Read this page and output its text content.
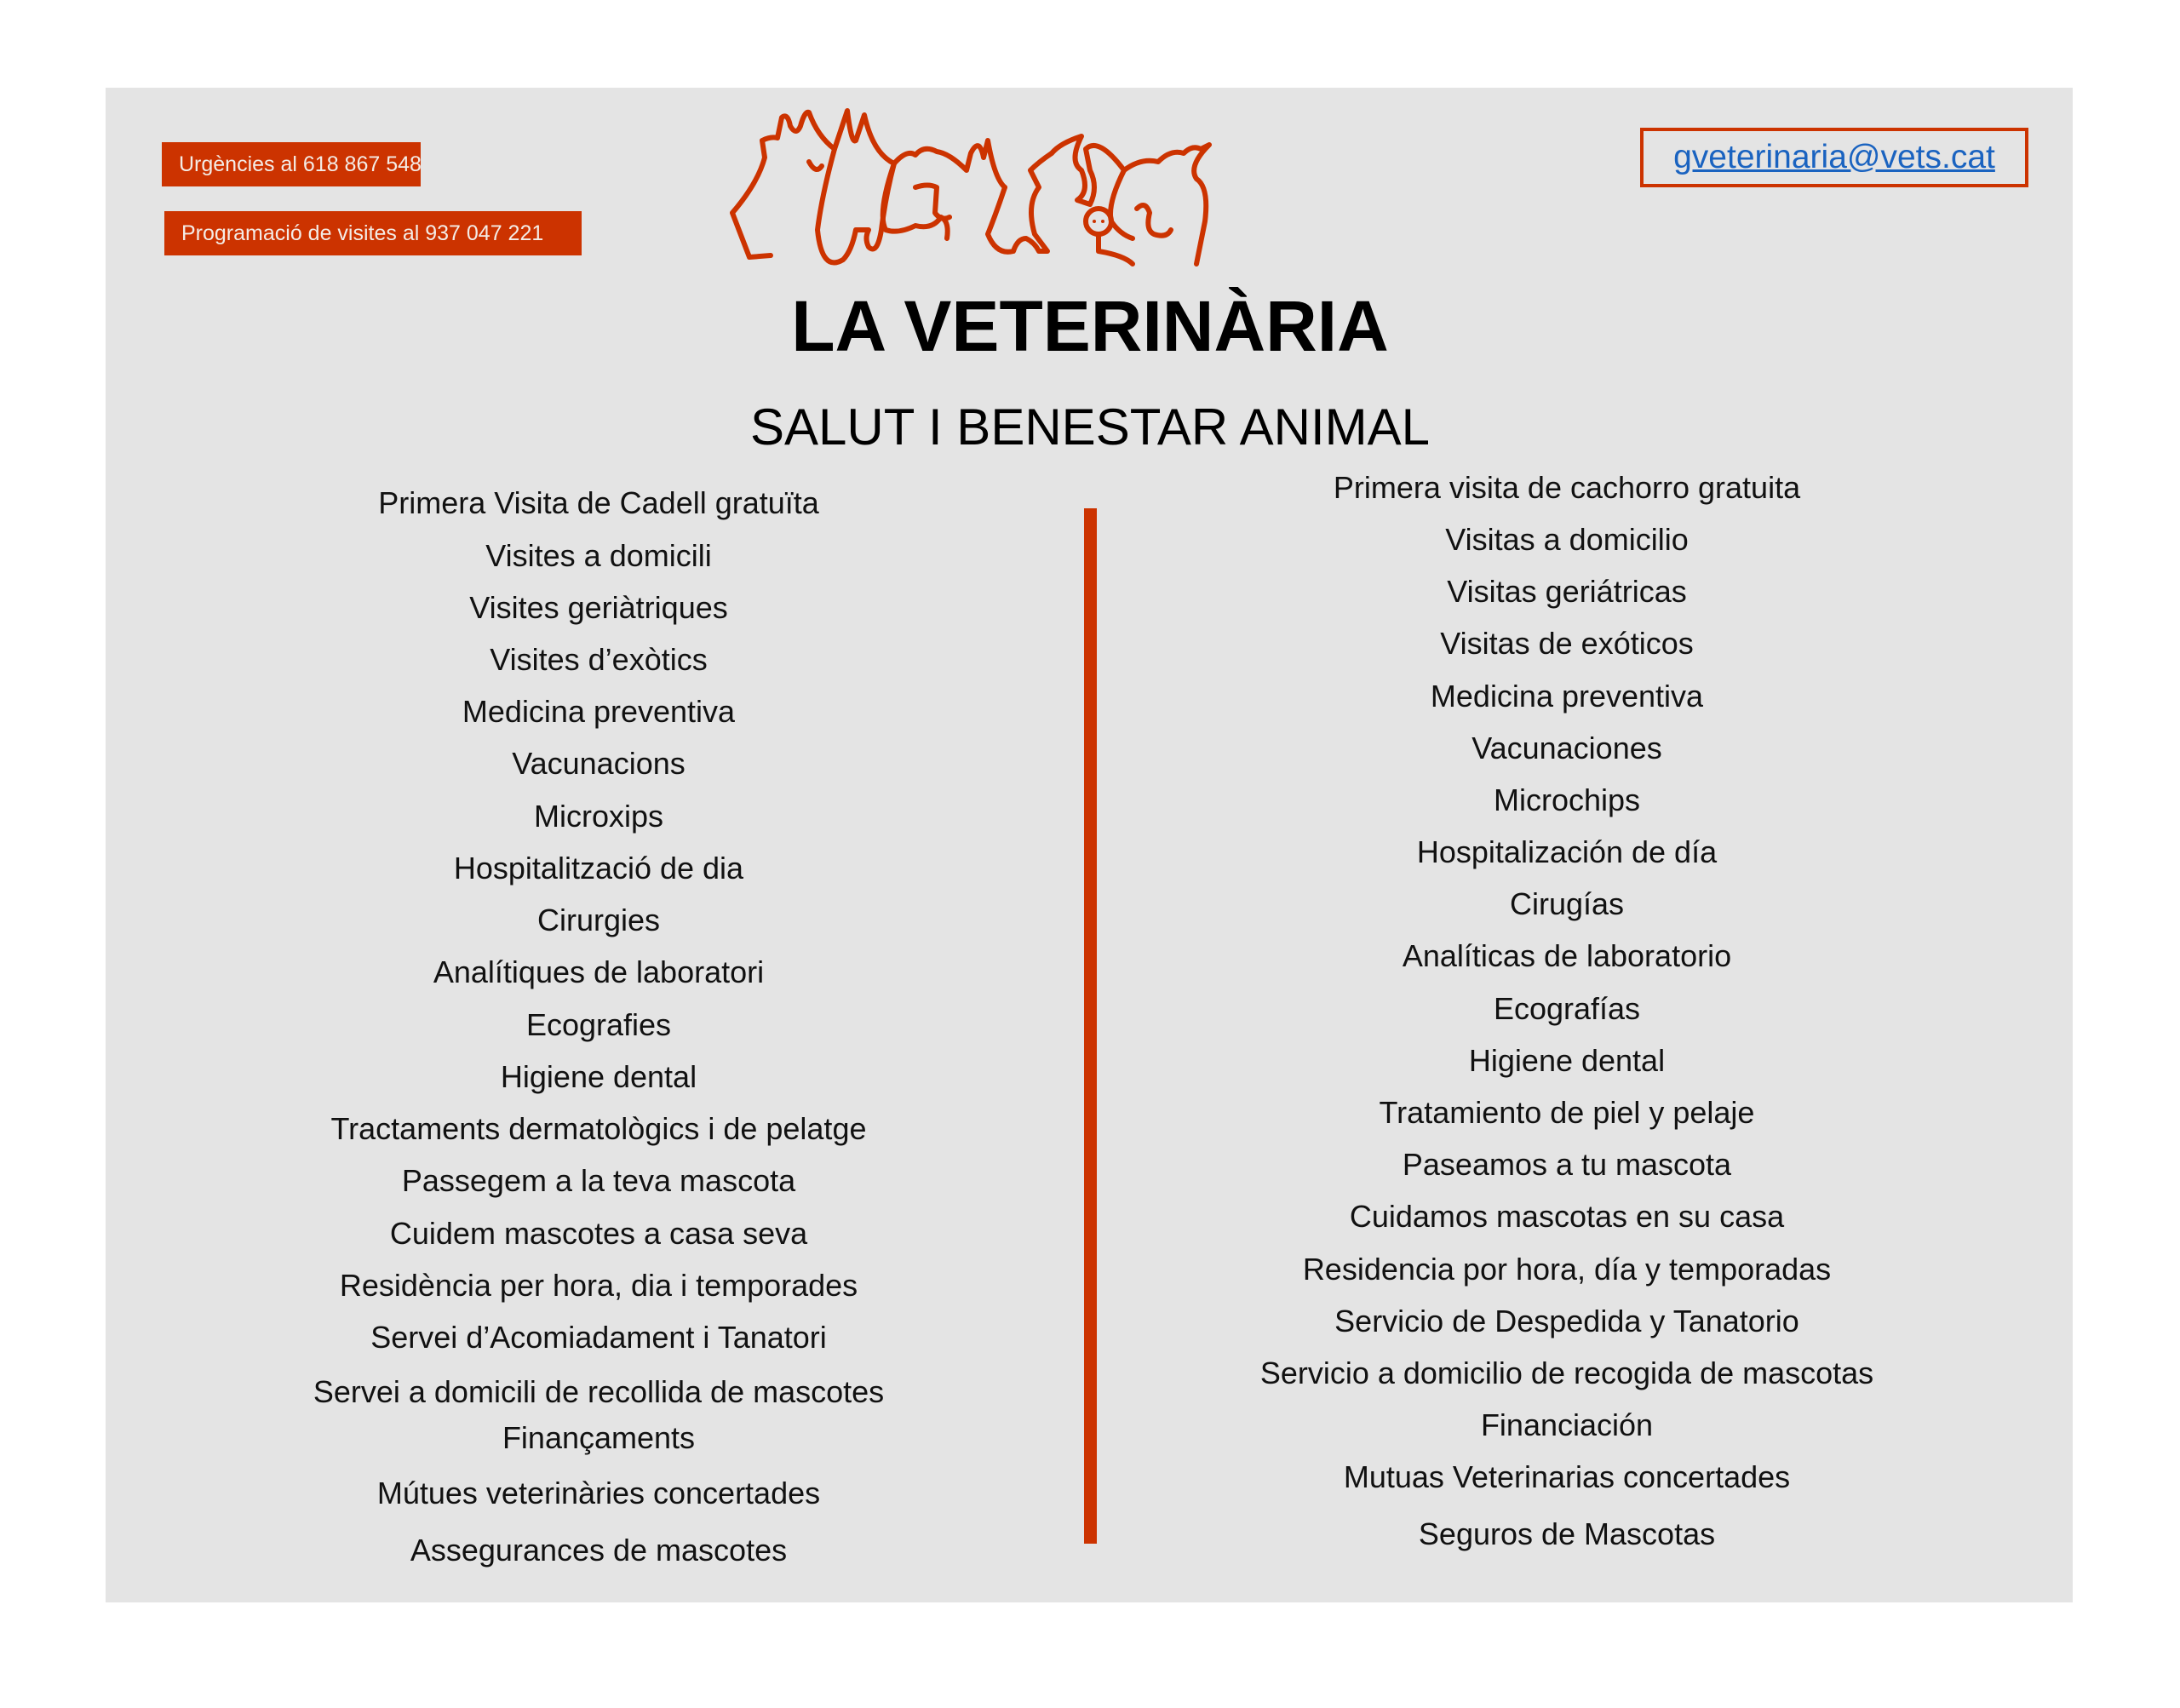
Urgències al 618 867 548
Programació de visites al 937 047 221
gveterinaria@vets.cat
LA VETERINÀRIA
SALUT I BENESTAR ANIMAL
Primera Visita de Cadell gratuïta
Visites a domicili
Visites geriàtriques
Visites d’exòtics
Medicina preventiva
Vacunacions
Microxips
Hospitalització de dia
Cirurgies
Analítiques de laboratori
Ecografies
Higiene dental
Tractaments dermatològics i de pelatge
Passegem a la teva mascota
Cuidem mascotes a casa seva
Residència per hora, dia i temporades
Servei d’Acomiadament i Tanatori
Servei a domicili de recollida de mascotes
Finançaments
Mútues veterinàries concertades
Assegurances de mascotes
Primera visita de cachorro gratuita
Visitas a domicilio
Visitas geriátricas
Visitas de exóticos
Medicina preventiva
Vacunaciones
Microchips
Hospitalización de día
Cirugías
Analíticas de laboratorio
Ecografías
Higiene dental
Tratamiento de piel y pelaje
Paseamos a tu mascota
Cuidamos mascotas en su casa
Residencia por hora, día y temporadas
Servicio de Despedida y Tanatorio
Servicio a domicilio de recogida de mascotas
Financiación
Mutuas Veterinarias concertades
Seguros de Mascotas
